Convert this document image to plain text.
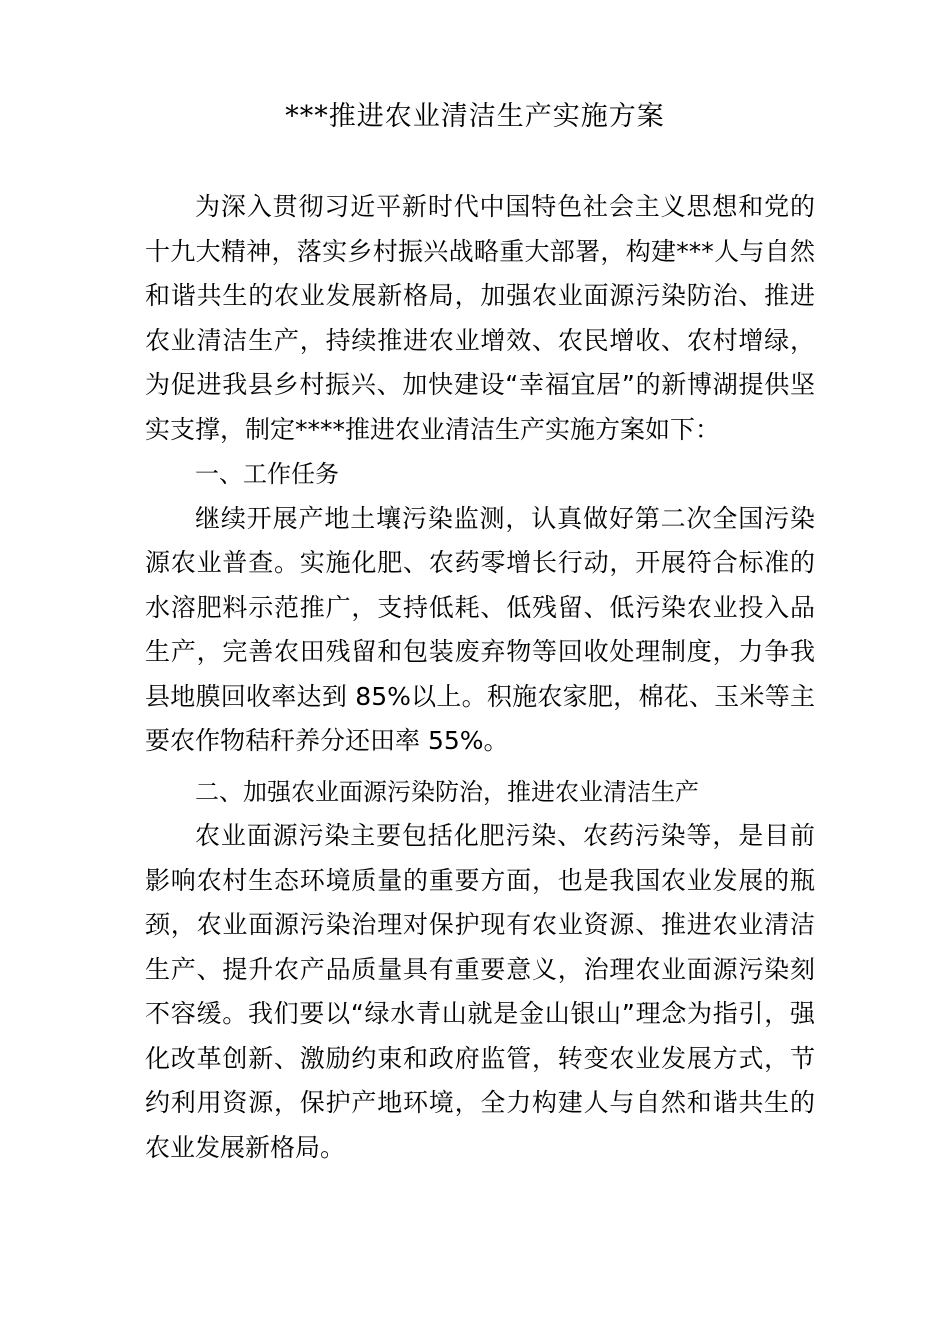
***推进农业清洁生产实施方案

为深入贯彻习近平新时代中国特色社会主义思想和党的十九大精神，落实乡村振兴战略重大部署，构建***人与自然和谐共生的农业发展新格局，加强农业面源污染防治、推进农业清洁生产，持续推进农业增效、农民增收、农村增绿，为促进我县乡村振兴、加快建设“幸福宜居”的新博湖提供坚实支撑，制定****推进农业清洁生产实施方案如下：

一、工作任务

继续开展产地土壤污染监测，认真做好第二次全国污染源农业普查。实施化肥、农药零增长行动，开展符合标准的水溶肥料示范推广，支持低耗、低残留、低污染农业投入品生产，完善农田残留和包装废弃物等回收处理制度，力争我县地膜回收率达到 85%以上。积施农家肥，棉花、玉米等主要农作物秸秆养分还田率 55%。

二、加强农业面源污染防治，推进农业清洁生产

农业面源污染主要包括化肥污染、农药污染等，是目前影响农村生态环境质量的重要方面，也是我国农业发展的瓶颈，农业面源污染治理对保护现有农业资源、推进农业清洁生产、提升农产品质量具有重要意义，治理农业面源污染刻不容缓。我们要以“绿水青山就是金山银山”理念为指引，强化改革创新、激励约束和政府监管，转变农业发展方式，节约利用资源，保护产地环境，全力构建人与自然和谐共生的农业发展新格局。
